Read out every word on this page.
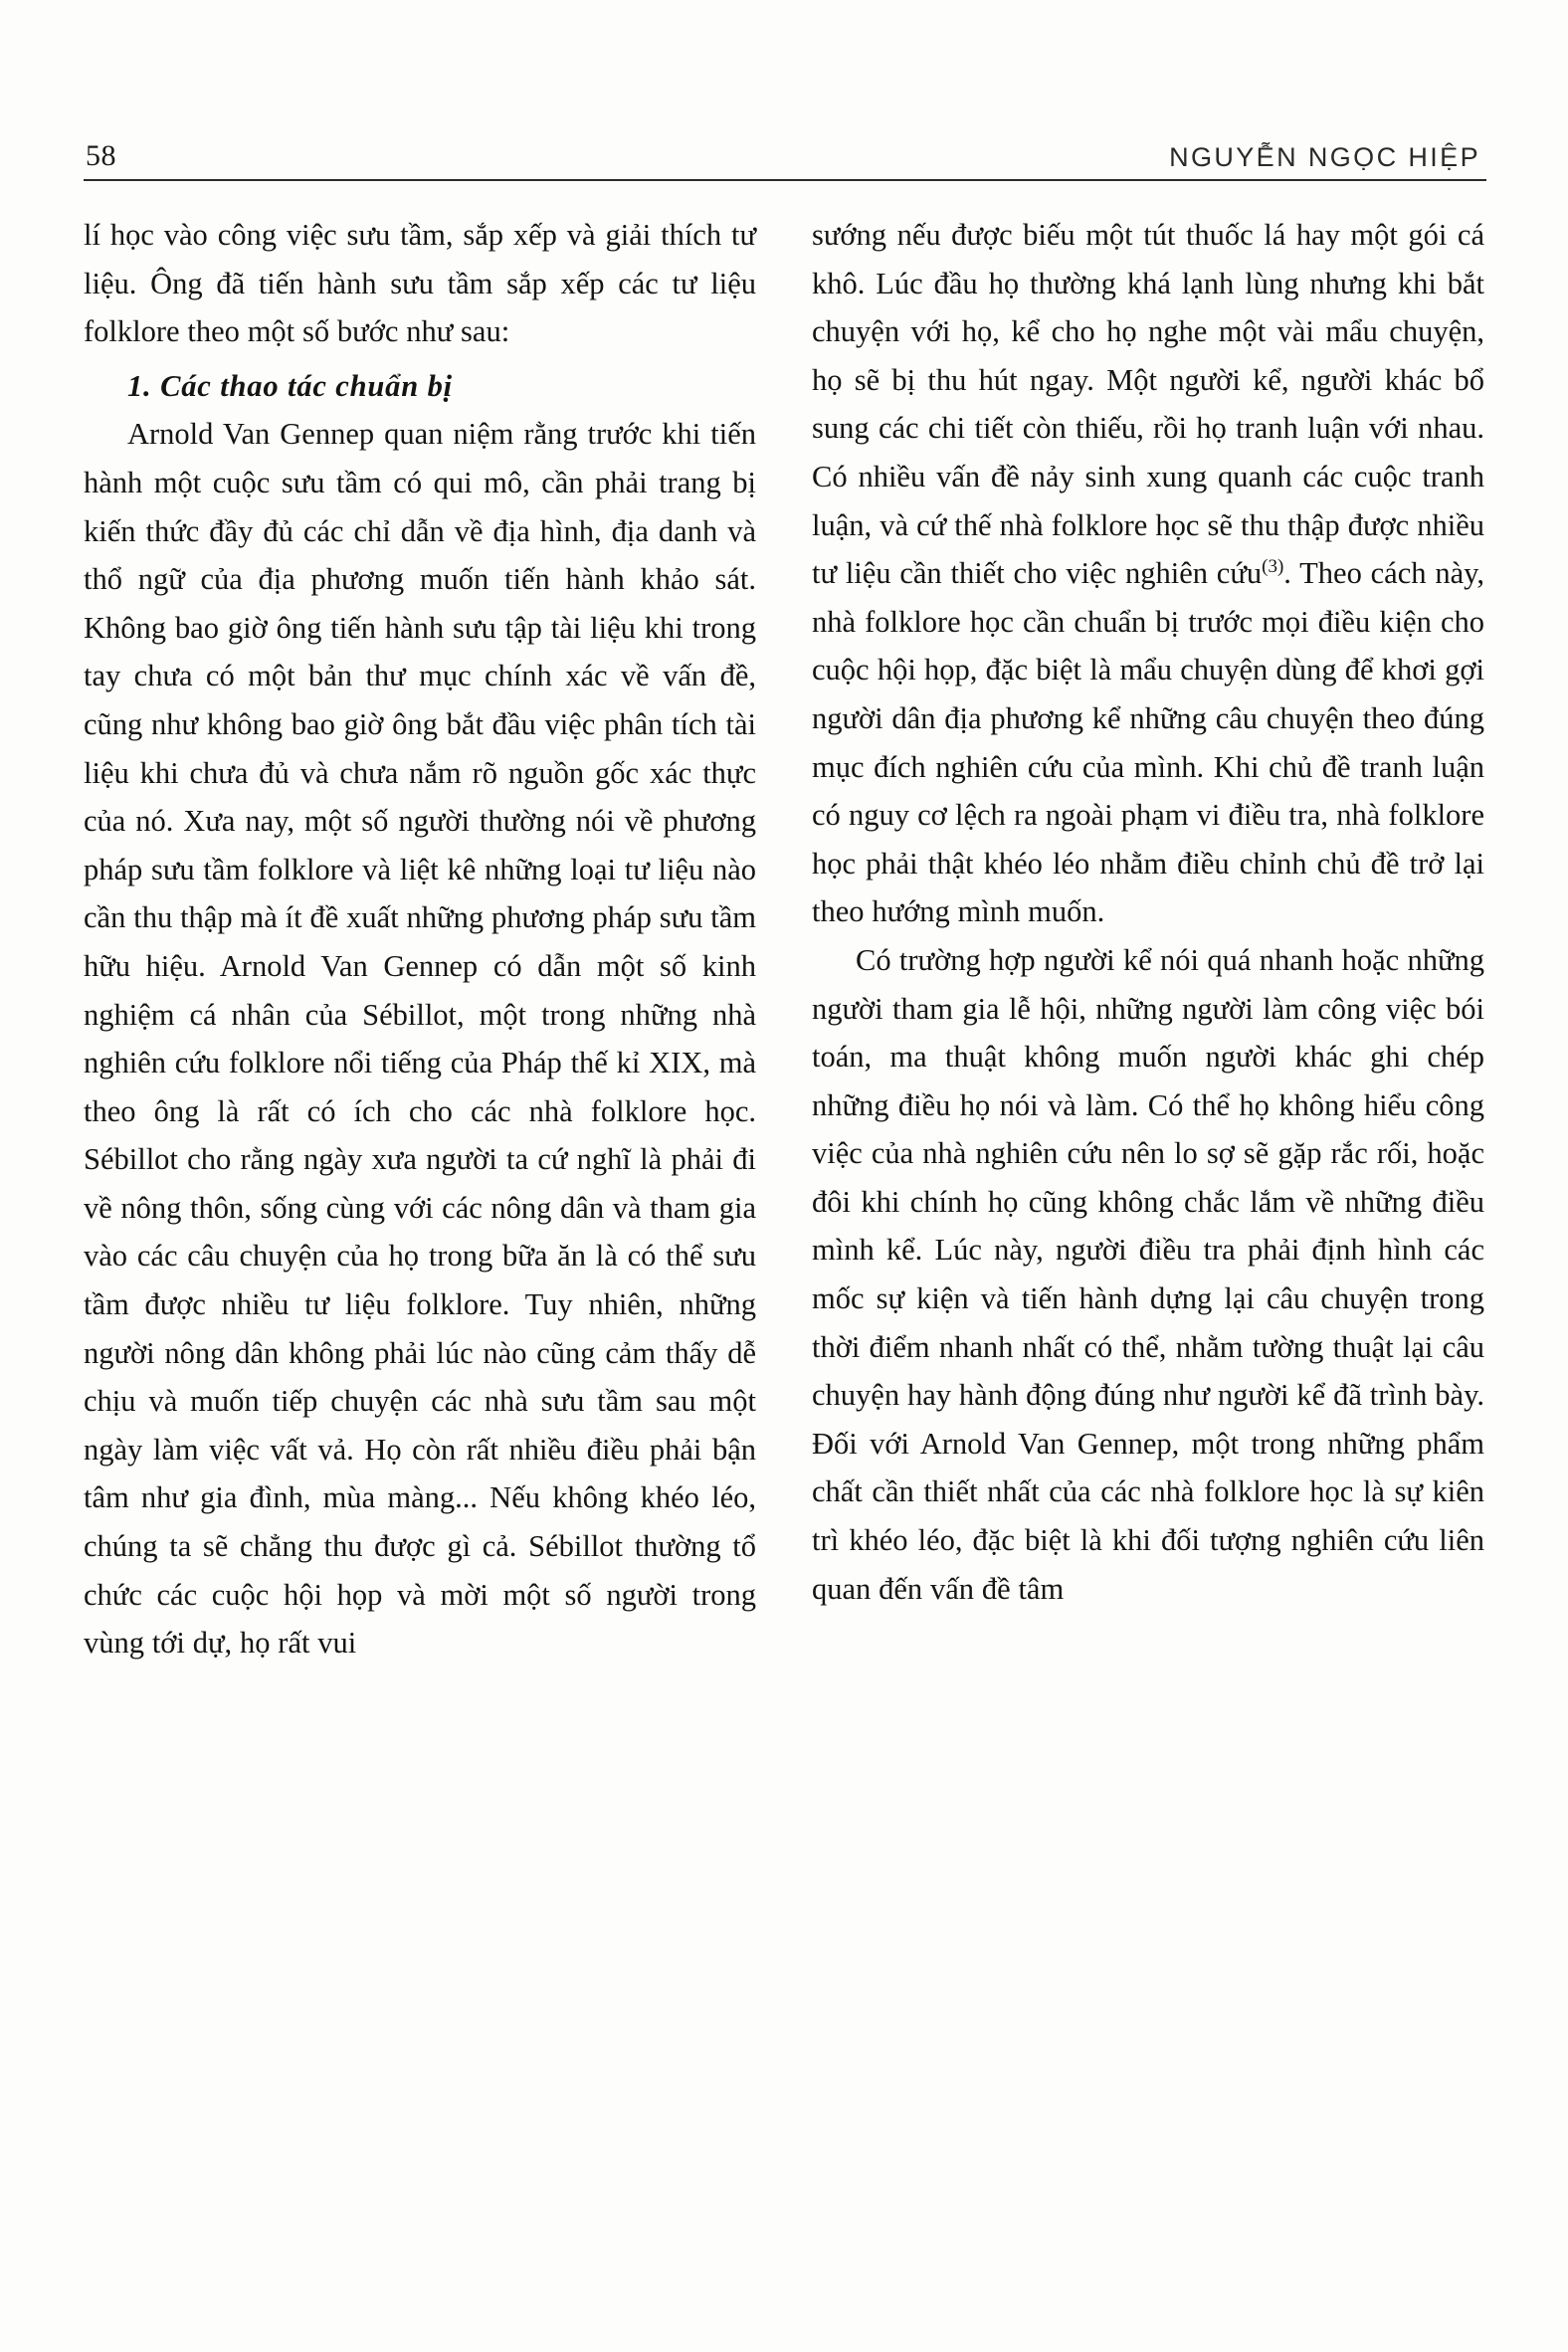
58	NGUYỄN NGỌC HIỆP

lí học vào công việc sưu tầm, sắp xếp và giải thích tư liệu. Ông đã tiến hành sưu tầm sắp xếp các tư liệu folklore theo một số bước như sau:

1. Các thao tác chuẩn bị

Arnold Van Gennep quan niệm rằng trước khi tiến hành một cuộc sưu tầm có qui mô, cần phải trang bị kiến thức đầy đủ các chỉ dẫn về địa hình, địa danh và thổ ngữ của địa phương muốn tiến hành khảo sát. Không bao giờ ông tiến hành sưu tập tài liệu khi trong tay chưa có một bản thư mục chính xác về vấn đề, cũng như không bao giờ ông bắt đầu việc phân tích tài liệu khi chưa đủ và chưa nắm rõ nguồn gốc xác thực của nó. Xưa nay, một số người thường nói về phương pháp sưu tầm folklore và liệt kê những loại tư liệu nào cần thu thập mà ít đề xuất những phương pháp sưu tầm hữu hiệu. Arnold Van Gennep có dẫn một số kinh nghiệm cá nhân của Sébillot, một trong những nhà nghiên cứu folklore nổi tiếng của Pháp thế kỉ XIX, mà theo ông là rất có ích cho các nhà folklore học. Sébillot cho rằng ngày xưa người ta cứ nghĩ là phải đi về nông thôn, sống cùng với các nông dân và tham gia vào các câu chuyện của họ trong bữa ăn là có thể sưu tầm được nhiều tư liệu folklore. Tuy nhiên, những người nông dân không phải lúc nào cũng cảm thấy dễ chịu và muốn tiếp chuyện các nhà sưu tầm sau một ngày làm việc vất vả. Họ còn rất nhiều điều phải bận tâm như gia đình, mùa màng... Nếu không khéo léo, chúng ta sẽ chẳng thu được gì cả. Sébillot thường tổ chức các cuộc hội họp và mời một số người trong vùng tới dự, họ rất vui

sướng nếu được biếu một tút thuốc lá hay một gói cá khô. Lúc đầu họ thường khá lạnh lùng nhưng khi bắt chuyện với họ, kể cho họ nghe một vài mẩu chuyện, họ sẽ bị thu hút ngay. Một người kể, người khác bổ sung các chi tiết còn thiếu, rồi họ tranh luận với nhau. Có nhiều vấn đề nảy sinh xung quanh các cuộc tranh luận, và cứ thế nhà folklore học sẽ thu thập được nhiều tư liệu cần thiết cho việc nghiên cứu$^{(3)}$. Theo cách này, nhà folklore học cần chuẩn bị trước mọi điều kiện cho cuộc hội họp, đặc biệt là mẩu chuyện dùng để khơi gợi người dân địa phương kể những câu chuyện theo đúng mục đích nghiên cứu của mình. Khi chủ đề tranh luận có nguy cơ lệch ra ngoài phạm vi điều tra, nhà folklore học phải thật khéo léo nhằm điều chỉnh chủ đề trở lại theo hướng mình muốn.

Có trường hợp người kể nói quá nhanh hoặc những người tham gia lễ hội, những người làm công việc bói toán, ma thuật không muốn người khác ghi chép những điều họ nói và làm. Có thể họ không hiểu công việc của nhà nghiên cứu nên lo sợ sẽ gặp rắc rối, hoặc đôi khi chính họ cũng không chắc lắm về những điều mình kể. Lúc này, người điều tra phải định hình các mốc sự kiện và tiến hành dựng lại câu chuyện trong thời điểm nhanh nhất có thể, nhằm tường thuật lại câu chuyện hay hành động đúng như người kể đã trình bày. Đối với Arnold Van Gennep, một trong những phẩm chất cần thiết nhất của các nhà folklore học là sự kiên trì khéo léo, đặc biệt là khi đối tượng nghiên cứu liên quan đến vấn đề tâm
